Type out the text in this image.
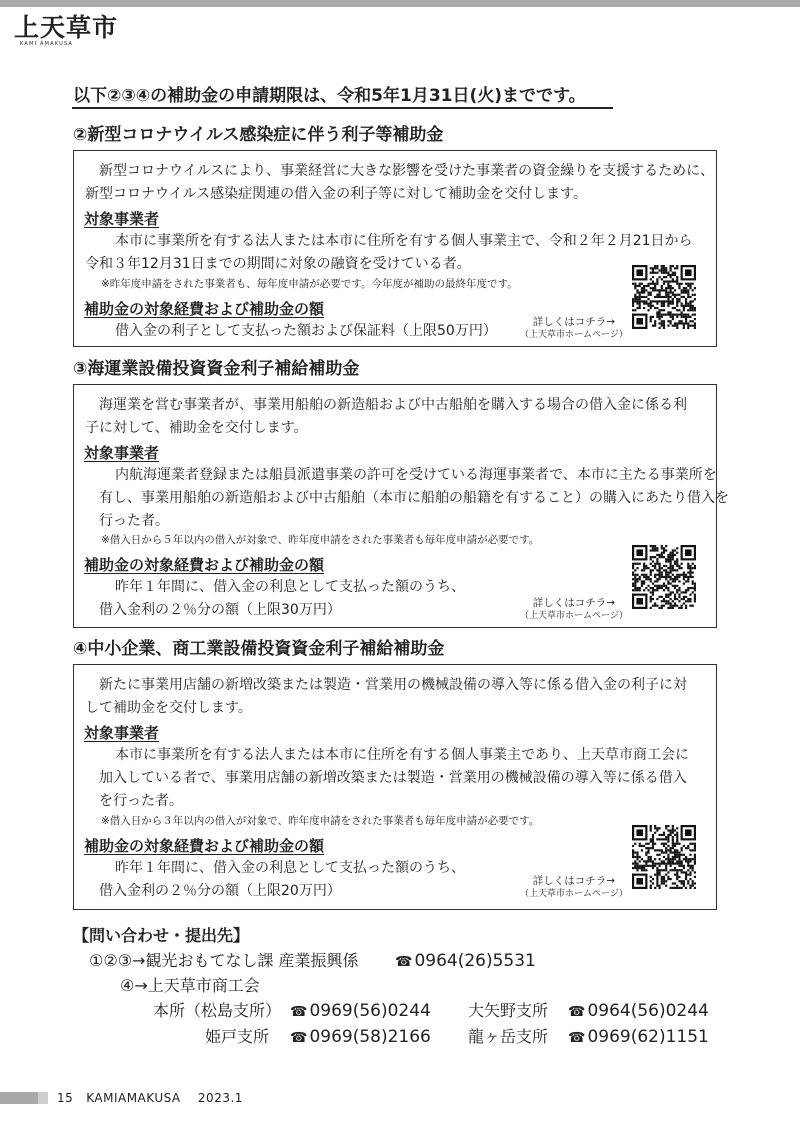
上天草市
KAMI AMAKUSA
以下②③④の補助金の申請期限は、令和5年1月31日(火)までです。
②新型コロナウイルス感染症に伴う利子等補助金
新型コロナウイルスにより、事業経営に大きな影響を受けた事業者の資金繰りを支援するために、
新型コロナウイルス感染症関連の借入金の利子等に対して補助金を交付します。
対象事業者
本市に事業所を有する法人または本市に住所を有する個人事業主で、令和２年２月21日から
令和３年12月31日までの期間に対象の融資を受けている者。
※昨年度申請をされた事業者も、毎年度申請が必要です。今年度が補助の最終年度です。
補助金の対象経費および補助金の額
借入金の利子として支払った額および保証料（上限50万円）
詳しくはコチラ→
（上天草市ホームページ）
③海運業設備投資資金利子補給補助金
海運業を営む事業者が、事業用船舶の新造船および中古船舶を購入する場合の借入金に係る利
子に対して、補助金を交付します。
対象事業者
内航海運業者登録または船員派遣事業の許可を受けている海運事業者で、本市に主たる事業所を
有し、事業用船舶の新造船および中古船舶（本市に船舶の船籍を有すること）の購入にあたり借入を
行った者。
※借入日から５年以内の借入が対象で、昨年度申請をされた事業者も毎年度申請が必要です。
補助金の対象経費および補助金の額
昨年１年間に、借入金の利息として支払った額のうち、
借入金利の２％分の額（上限30万円）	詳しくはコチラ→
（上天草市ホームページ）
④中小企業、商工業設備投資資金利子補給補助金
新たに事業用店舗の新増改築または製造・営業用の機械設備の導入等に係る借入金の利子に対
して補助金を交付します。
対象事業者
本市に事業所を有する法人または本市に住所を有する個人事業主であり、上天草市商工会に
加入している者で、事業用店舗の新増改築または製造・営業用の機械設備の導入等に係る借入
を行った者。
※借入日から３年以内の借入が対象で、昨年度申請をされた事業者も毎年度申請が必要です。
補助金の対象経費および補助金の額
昨年１年間に、借入金の利息として支払った額のうち、
借入金利の２％分の額（上限20万円）
詳しくはコチラ→
（上天草市ホームページ）
【問い合わせ・提出先】
①②③→観光おもてなし課 産業振興係	☎ 0964(26)5531
④→上天草市商工会
本所（松島支所） ☎ 0969(56)0244 大矢野支所 ☎ 0964(56)0244
姫戸支所 ☎ 0969(58)2166 龍ヶ岳支所 ☎ 0969(62)1151
15 KAMIAMAKUSA 2023.1
